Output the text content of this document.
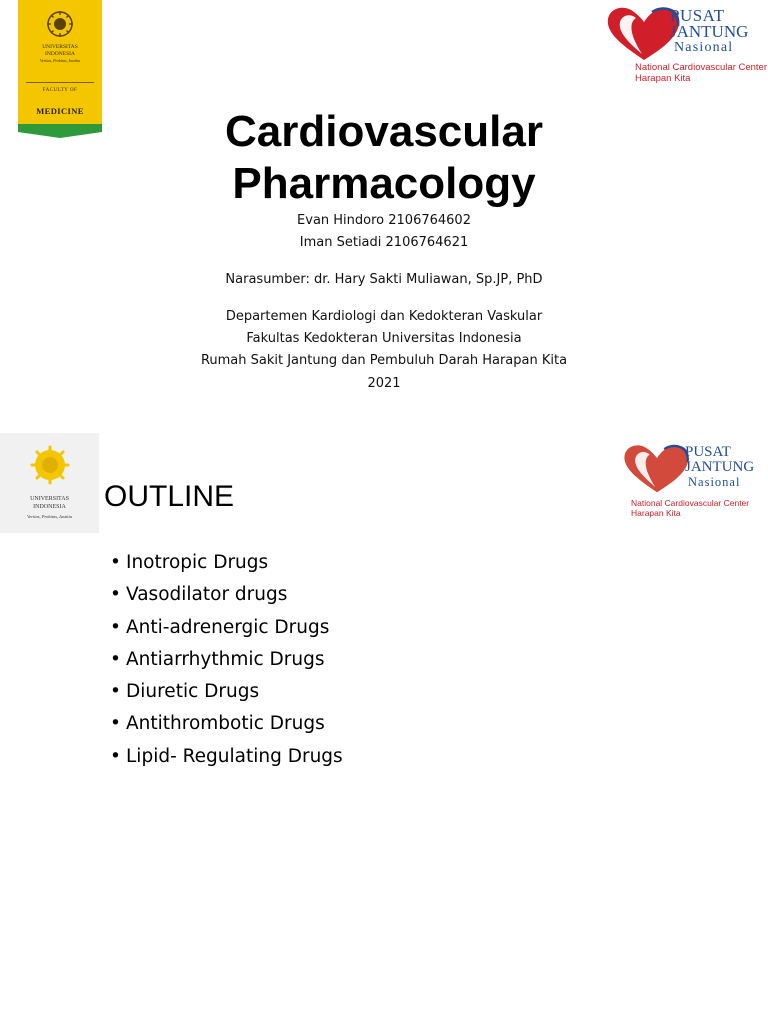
UNIVERSITAS
INDONESIA
Veritas, Probitas, Iustitia
FACULTY OF
MEDICINE
PUSAT
JANTUNG
Nasional
National Cardiovascular Center
Harapan Kita
Cardiovascular
Pharmacology
Evan Hindoro 2106764602
Iman Setiadi 2106764621
Narasumber: dr. Hary Sakti Muliawan, Sp.JP, PhD
Departemen Kardiologi dan Kedokteran Vaskular
Fakultas Kedokteran Universitas Indonesia
Rumah Sakit Jantung dan Pembuluh Darah Harapan Kita
2021
UNIVERSITAS
INDONESIA
Veritas, Probitas, Iustitia
PUSAT
JANTUNG
Nasional
National Cardiovascular Center
Harapan Kita
OUTLINE
• Inotropic Drugs
• Vasodilator drugs
• Anti-adrenergic Drugs
• Antiarrhythmic Drugs
• Diuretic Drugs
• Antithrombotic Drugs
• Lipid- Regulating Drugs
